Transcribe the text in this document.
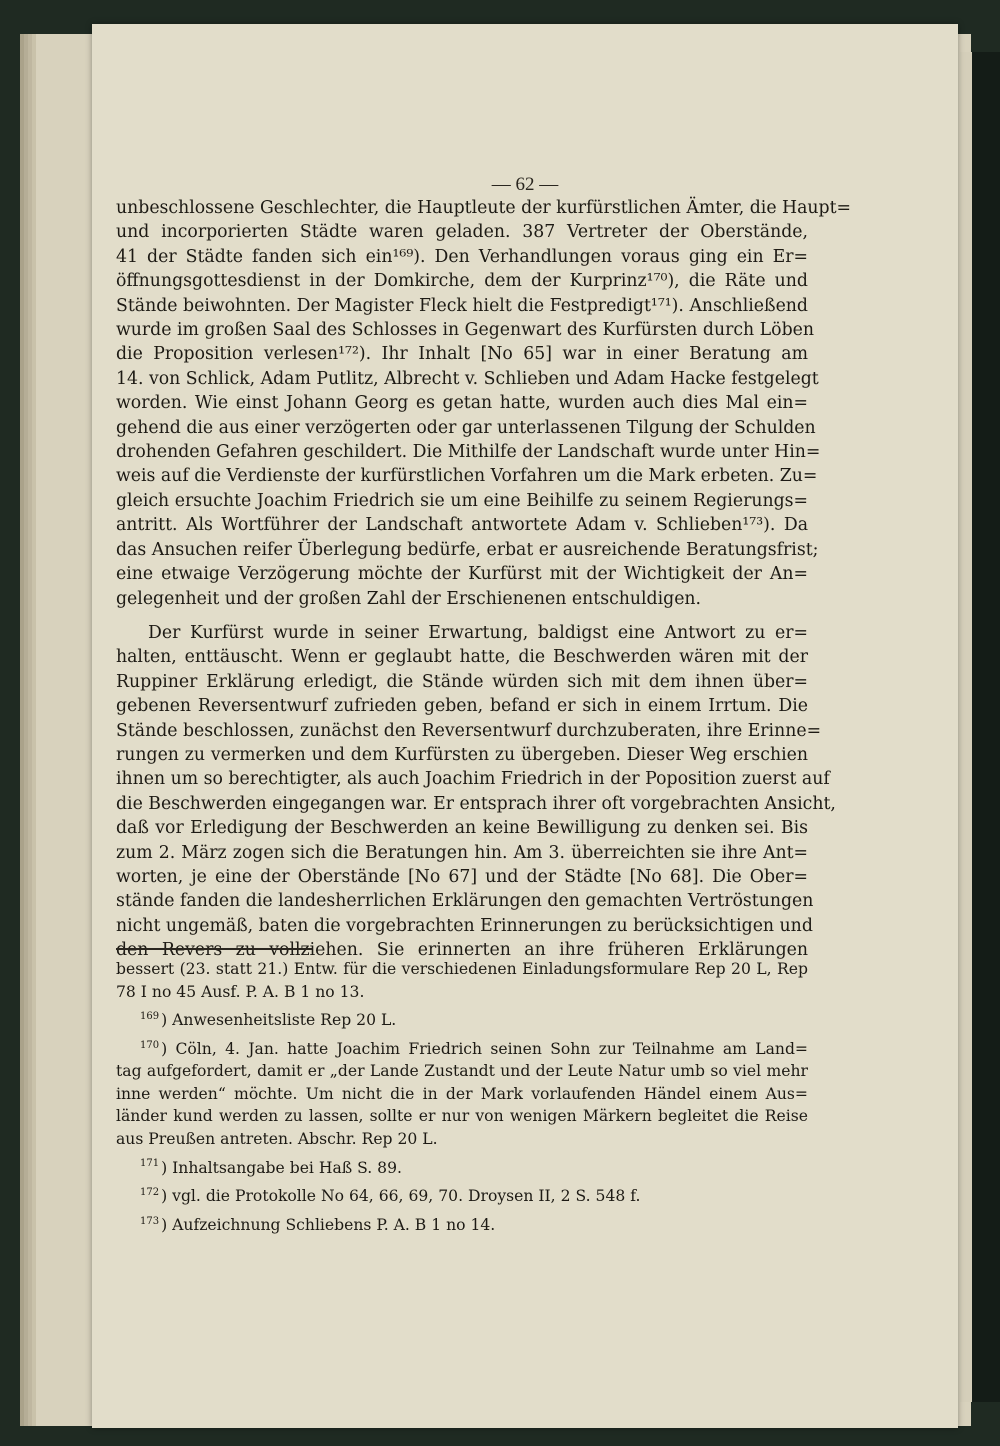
— 62 —
unbeschlossene Geschlechter, die Hauptleute der kurfürstlichen Ämter, die Haupt=
und incorporierten Städte waren geladen. 387 Vertreter der Oberstände,
41 der Städte fanden sich ein¹⁶⁹). Den Verhandlungen voraus ging ein Er=
öffnungsgottesdienst in der Domkirche, dem der Kurprinz¹⁷⁰), die Räte und
Stände beiwohnten. Der Magister Fleck hielt die Festpredigt¹⁷¹). Anschließend
wurde im großen Saal des Schlosses in Gegenwart des Kurfürsten durch Löben
die Proposition verlesen¹⁷²). Ihr Inhalt [No 65] war in einer Beratung am
14. von Schlick, Adam Putlitz, Albrecht v. Schlieben und Adam Hacke festgelegt
worden. Wie einst Johann Georg es getan hatte, wurden auch dies Mal ein=
gehend die aus einer verzögerten oder gar unterlassenen Tilgung der Schulden
drohenden Gefahren geschildert. Die Mithilfe der Landschaft wurde unter Hin=
weis auf die Verdienste der kurfürstlichen Vorfahren um die Mark erbeten. Zu=
gleich ersuchte Joachim Friedrich sie um eine Beihilfe zu seinem Regierungs=
antritt. Als Wortführer der Landschaft antwortete Adam v. Schlieben¹⁷³). Da
das Ansuchen reifer Überlegung bedürfe, erbat er ausreichende Beratungsfrist;
eine etwaige Verzögerung möchte der Kurfürst mit der Wichtigkeit der An=
gelegenheit und der großen Zahl der Erschienenen entschuldigen.
Der Kurfürst wurde in seiner Erwartung, baldigst eine Antwort zu er=
halten, enttäuscht. Wenn er geglaubt hatte, die Beschwerden wären mit der
Ruppiner Erklärung erledigt, die Stände würden sich mit dem ihnen über=
gebenen Reversentwurf zufrieden geben, befand er sich in einem Irrtum. Die
Stände beschlossen, zunächst den Reversentwurf durchzuberaten, ihre Erinne=
rungen zu vermerken und dem Kurfürsten zu übergeben. Dieser Weg erschien
ihnen um so berechtigter, als auch Joachim Friedrich in der Poposition zuerst auf
die Beschwerden eingegangen war. Er entsprach ihrer oft vorgebrachten Ansicht,
daß vor Erledigung der Beschwerden an keine Bewilligung zu denken sei. Bis
zum 2. März zogen sich die Beratungen hin. Am 3. überreichten sie ihre Ant=
worten, je eine der Oberstände [No 67] und der Städte [No 68]. Die Ober=
stände fanden die landesherrlichen Erklärungen den gemachten Vertröstungen
nicht ungemäß, baten die vorgebrachten Erinnerungen zu berücksichtigen und
den Revers zu vollziehen. Sie erinnerten an ihre früheren Erklärungen
bessert (23. statt 21.) Entw. für die verschiedenen Einladungsformulare Rep 20 L, Rep
78 I no 45 Ausf. P. A. B 1 no 13.
$^{169}$ ) Anwesenheitsliste Rep 20 L.
$^{170}$ ) Cöln, 4. Jan. hatte Joachim Friedrich seinen Sohn zur Teilnahme am Land=
tag aufgefordert, damit er „der Lande Zustandt und der Leute Natur umb so viel mehr
inne werden“ möchte. Um nicht die in der Mark vorlaufenden Händel einem Aus=
länder kund werden zu lassen, sollte er nur von wenigen Märkern begleitet die Reise
aus Preußen antreten. Abschr. Rep 20 L.
$^{171}$ ) Inhaltsangabe bei Haß S. 89.
$^{172}$ ) vgl. die Protokolle No 64, 66, 69, 70. Droysen II, 2 S. 548 f.
$^{173}$ ) Aufzeichnung Schliebens P. A. B 1 no 14.
